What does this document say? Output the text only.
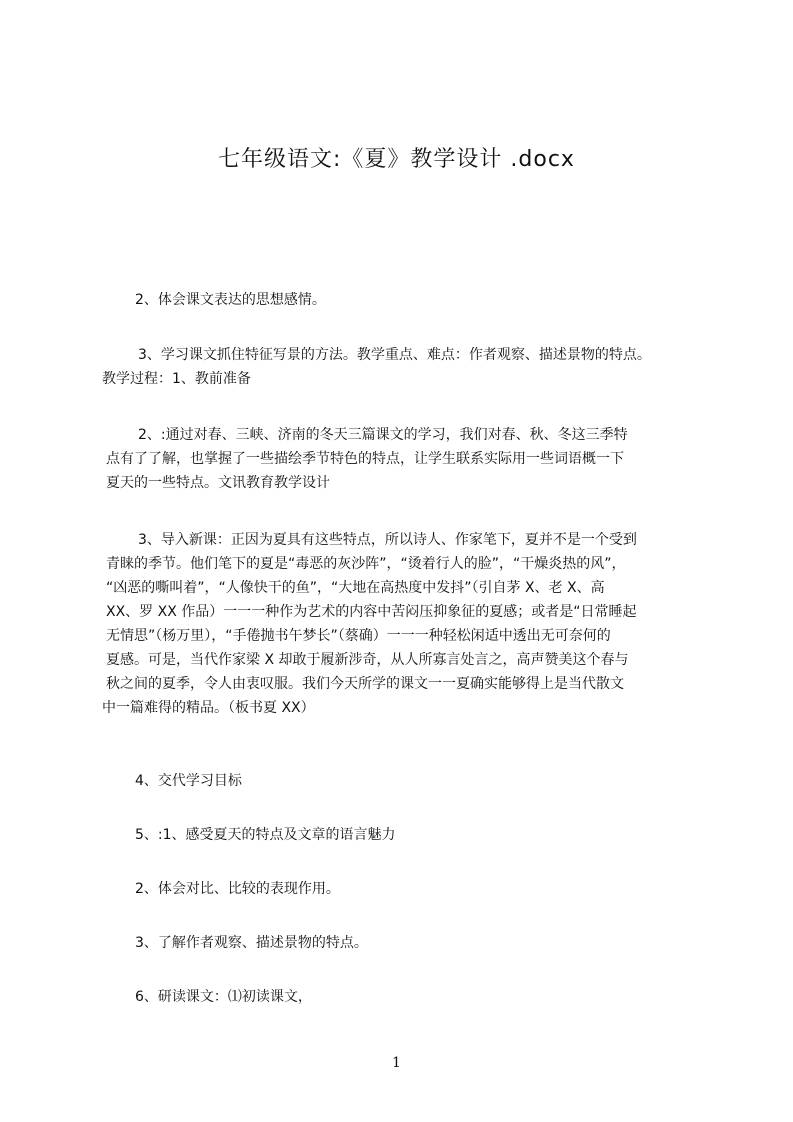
七年级语文:《夏》教学设计 .docx
2、体会课文表达的思想感情。
3、学习课文抓住特征写景的方法。教学重点、难点：作者观察、描述景物的特点。
教学过程：1、教前准备
2、:通过对春、三峡、济南的冬天三篇课文的学习，我们对春、秋、冬这三季特
点有了了解，也掌握了一些描绘季节特色的特点，让学生联系实际用一些词语概一下
夏天的一些特点。文讯教育教学设计
3、导入新课：正因为夏具有这些特点，所以诗人、作家笔下，夏并不是一个受到
青睐的季节。他们笔下的夏是“毒恶的灰沙阵”，“烫着行人的脸”，“干燥炎热的风”，
“凶恶的嘶叫着”，“人像快干的鱼”，“大地在高热度中发抖”（引自茅 X、老 X、高
XX、罗 XX 作品）一一一种作为艺术的内容中苦闷压抑象征的夏感；或者是“日常睡起
无情思”（杨万里），“手倦抛书午梦长”（蔡确）一一一种轻松闲适中透出无可奈何的
夏感。可是，当代作家梁 X 却敢于履新涉奇，从人所寡言处言之，高声赞美这个春与
秋之间的夏季，令人由衷叹服。我们今天所学的课文一一夏确实能够得上是当代散文
中一篇难得的精品。（板书夏 XX）
4、交代学习目标
5、:1、感受夏天的特点及文章的语言魅力
2、体会对比、比较的表现作用。
3、了解作者观察、描述景物的特点。
6、研读课文：⑴初读课文，
1
